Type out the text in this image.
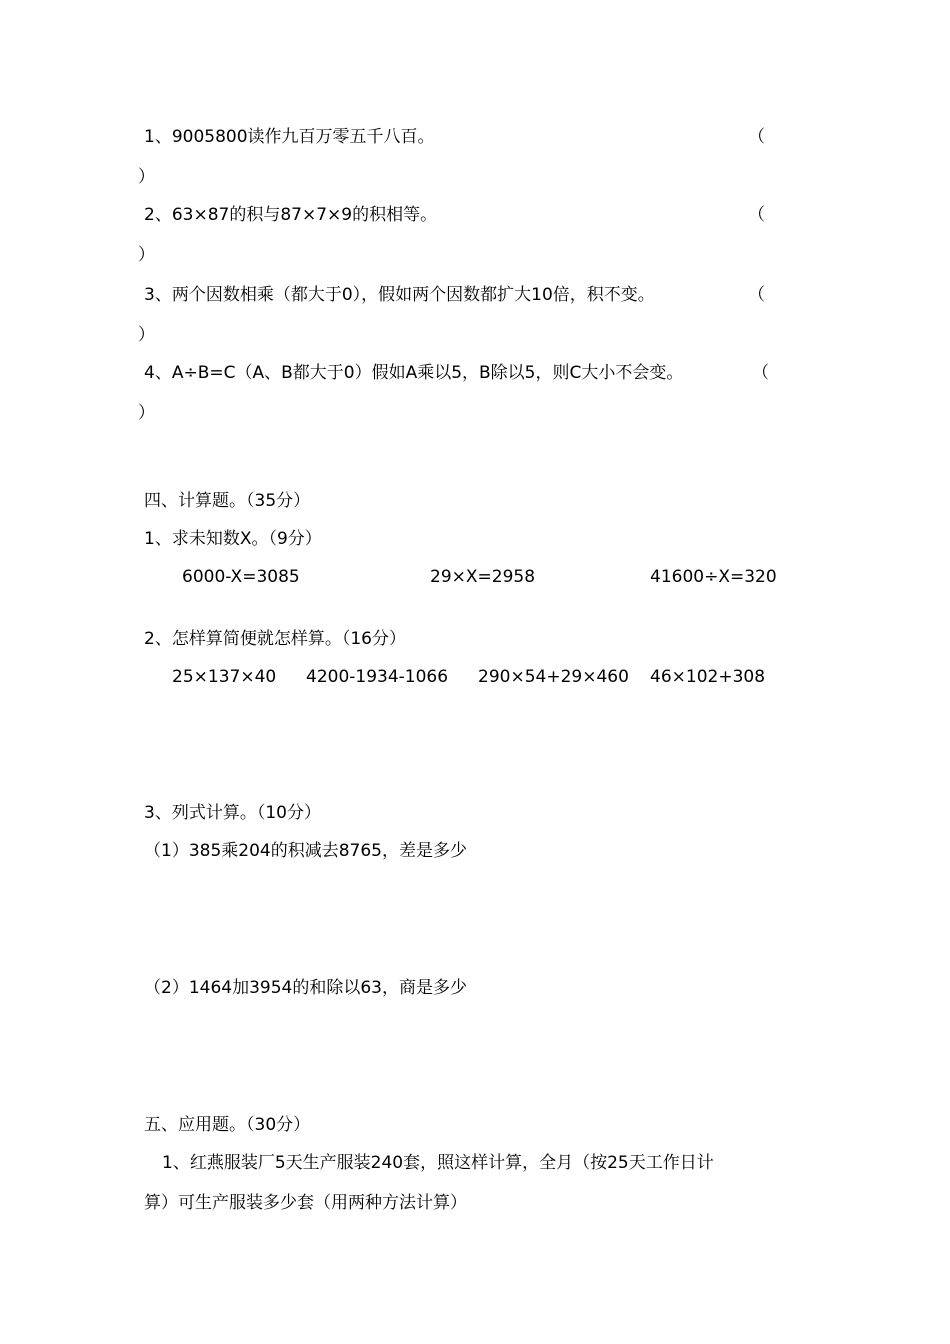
1、9005800读作九百万零五千八百。	（
）
2、63×87的积与87×7×9的积相等。	（
）
3、两个因数相乘（都大于0），假如两个因数都扩大10倍，积不变。	（
）
4、A÷B=C（A、B都大于0）假如A乘以5，B除以5，则C大小不会变。	（
）
四、计算题。（35分）
1、求未知数X。（9分）
6000-X=3085	29×X=2958	41600÷X=320
2、怎样算简便就怎样算。（16分）
25×137×40 4200-1934-1066 290×54+29×460 46×102+308
3、列式计算。（10分）
（1）385乘204的积减去8765，差是多少
（2）1464加3954的和除以63，商是多少
五、应用题。（30分）
1、红燕服装厂5天生产服装240套，照这样计算，全月（按25天工作日计
算）可生产服装多少套（用两种方法计算）
